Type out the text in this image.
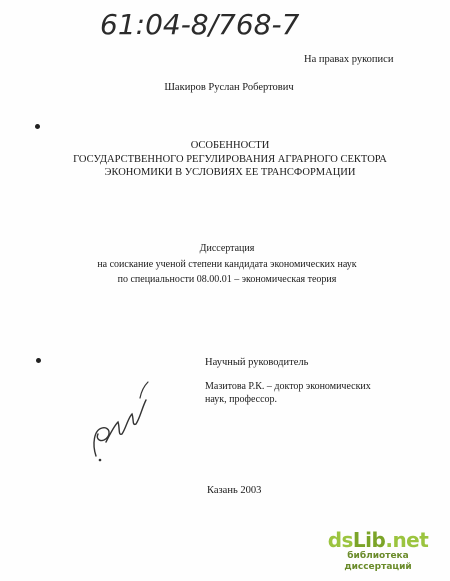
61:04-8/768-7
На правах рукописи
Шакиров Руслан Робертович
ОСОБЕННОСТИ
ГОСУДАРСТВЕННОГО РЕГУЛИРОВАНИЯ АГРАРНОГО СЕКТОРА
ЭКОНОМИКИ В УСЛОВИЯХ ЕЕ ТРАНСФОРМАЦИИ
Диссертация
на соискание ученой степени кандидата экономических наук
по специальности 08.00.01 – экономическая теория
Научный руководитель
Мазитова Р.К. – доктор экономических
наук, профессор.
Казань 2003
dsLib.net
библиотека диссертаций
